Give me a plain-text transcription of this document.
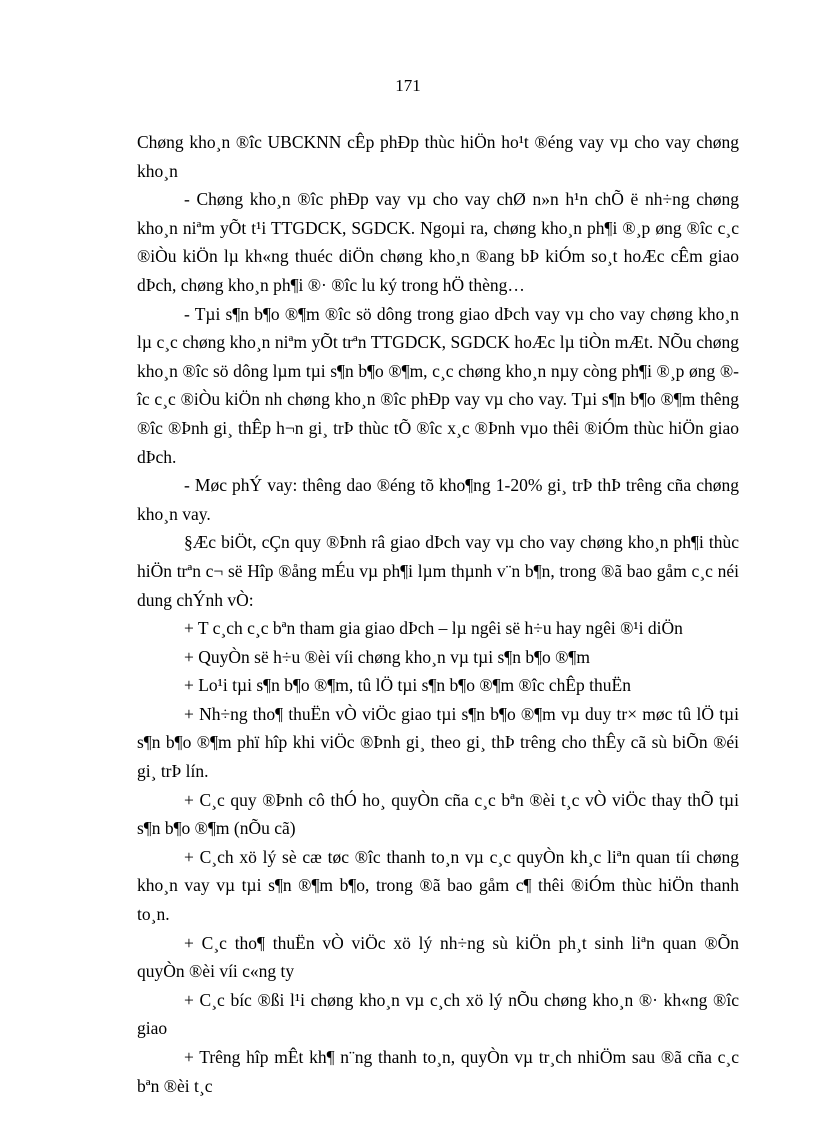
171

Chøng kho¸n ®îc UBCKNN cÊp phÐp thùc hiÖn ho¹t ®éng vay vµ cho vay chøng kho¸n

- Chøng kho¸n ®îc phÐp vay vµ cho vay chØ n»n h¹n chÕ ë nh÷ng chøng kho¸n niªm yÕt t¹i TTGDCK, SGDCK. Ngoµi ra, chøng kho¸n ph¶i ®¸p øng ®îc c¸c ®iÒu kiÖn lµ kh«ng thuéc diÖn chøng kho¸n ®ang bÞ kiÓm so¸t hoÆc cÊm giao dÞch, chøng kho¸n ph¶i ®· ®îc lu ký trong hÖ thèng…

- Tµi s¶n b¶o ®¶m ®îc sö dông trong giao dÞch vay vµ cho vay chøng kho¸n lµ c¸c chøng kho¸n niªm yÕt trªn TTGDCK, SGDCK hoÆc lµ tiÒn mÆt. NÕu chøng kho¸n ®îc sö dông lµm tµi s¶n b¶o ®¶m, c¸c chøng kho¸n nµy còng ph¶i ®¸p øng ®îc c¸c ®iÒu kiÖn nh chøng kho¸n ®îc phÐp vay vµ cho vay. Tµi s¶n b¶o ®¶m thêng ®îc ®Þnh gi¸ thÊp h¬n gi¸ trÞ thùc tÕ ®îc x¸c ®Þnh vµo thêi ®iÓm thùc hiÖn giao dÞch.

- Møc phÝ vay: thêng dao ®éng tõ kho¶ng 1-20% gi¸ trÞ thÞ trêng cña chøng kho¸n vay.

§Æc biÖt, cÇn quy ®Þnh râ giao dÞch vay vµ cho vay chøng kho¸n ph¶i thùc hiÖn trªn c¬ së Hîp ®ång mÉu vµ ph¶i lµm thµnh v¨n b¶n, trong ®ã bao gåm c¸c néi dung chÝnh vÒ:

+ T c¸ch c¸c bªn tham gia giao dÞch – lµ ngêi së h÷u hay ngêi ®¹i diÖn

+ QuyÒn së h÷u ®èi víi chøng kho¸n vµ tµi s¶n b¶o ®¶m

+ Lo¹i tµi s¶n b¶o ®¶m, tû lÖ tµi s¶n b¶o ®¶m ®îc chÊp thuËn

+ Nh÷ng tho¶ thuËn vÒ viÖc giao tµi s¶n b¶o ®¶m vµ duy tr× møc tû lÖ tµi s¶n b¶o ®¶m phï hîp khi viÖc ®Þnh gi¸ theo gi¸ thÞ trêng cho thÊy cã sù biÕn ®éi gi¸ trÞ lín.

+ C¸c quy ®Þnh cô thÓ ho¸ quyÒn cña c¸c bªn ®èi t¸c vÒ viÖc thay thÕ tµi s¶n b¶o ®¶m (nÕu cã)

+ C¸ch xö lý sè cæ tøc ®îc thanh to¸n vµ c¸c quyÒn kh¸c liªn quan tíi chøng kho¸n vay vµ tµi s¶n ®¶m b¶o, trong ®ã bao gåm c¶ thêi ®iÓm thùc hiÖn thanh to¸n.

+ C¸c tho¶ thuËn vÒ viÖc xö lý nh÷ng sù kiÖn ph¸t sinh liªn quan ®Õn quyÒn ®èi víi c«ng ty

+ C¸c bíc ®ßi l¹i chøng kho¸n vµ c¸ch xö lý nÕu chøng kho¸n ®· kh«ng ®îc giao

+ Trêng hîp mÊt kh¶ n¨ng thanh to¸n, quyÒn vµ tr¸ch nhiÖm sau ®ã cña c¸c bªn ®èi t¸c
